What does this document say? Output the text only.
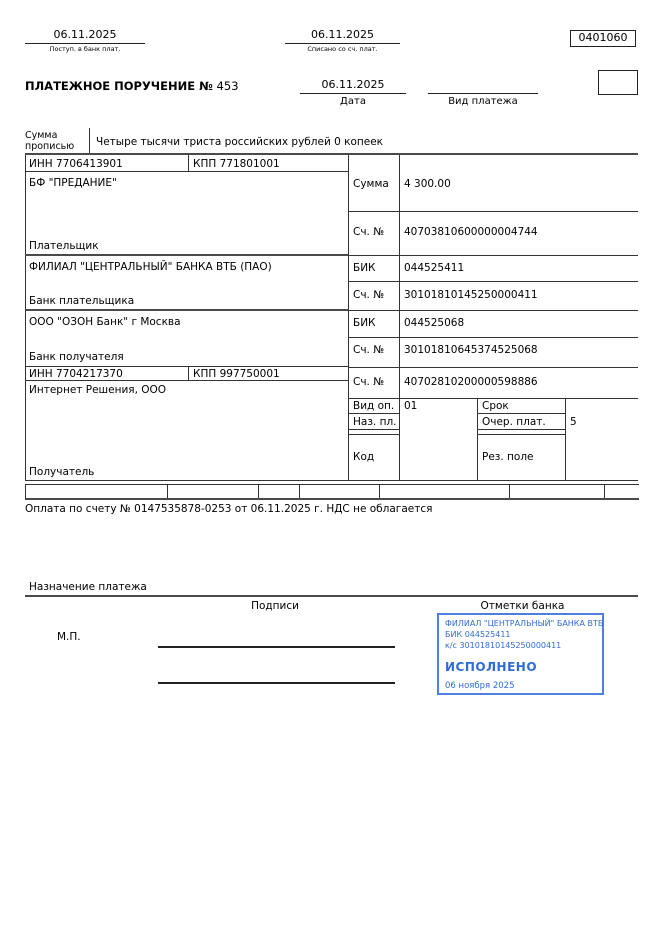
06.11.2025
Поступ. в банк плат.
06.11.2025
Списано со сч. плат.
0401060
ПЛАТЕЖНОЕ ПОРУЧЕНИЕ № 453	06.11.2025
Дата	Вид платежа
Сумма прописью	Четыре тысячи триста российских рублей 0 копеек
ИНН 7706413901	КПП 771801001
БФ "ПРЕДАНИЕ"
Плательщик
ФИЛИАЛ "ЦЕНТРАЛЬНЫЙ" БАНКА ВТБ (ПАО)
Банк плательщика
ООО "ОЗОН Банк" г Москва
Банк получателя
ИНН 7704217370	КПП 997750001
Интернет Решения, ООО
Получатель
Сумма 4 300.00
Сч. № 40703810600000004744
БИК	044525411
Сч. № 30101810145250000411
БИК	044525068
Сч. № 30101810645374525068
Сч. № 40702810200000598886
Вид оп. 01	Срок
Наз. пл.	Очер. плат. 5
Код	Рез. поле
Оплата по счету № 0147535878-0253 от 06.11.2025 г. НДС не облагается
Назначение платежа
Подписи	Отметки банка
М.П.
ФИЛИАЛ "ЦЕНТРАЛЬНЫЙ" БАНКА ВТБ
БИК 044525411
к/с 30101810145250000411
ИСПОЛНЕНО
06 ноября 2025
